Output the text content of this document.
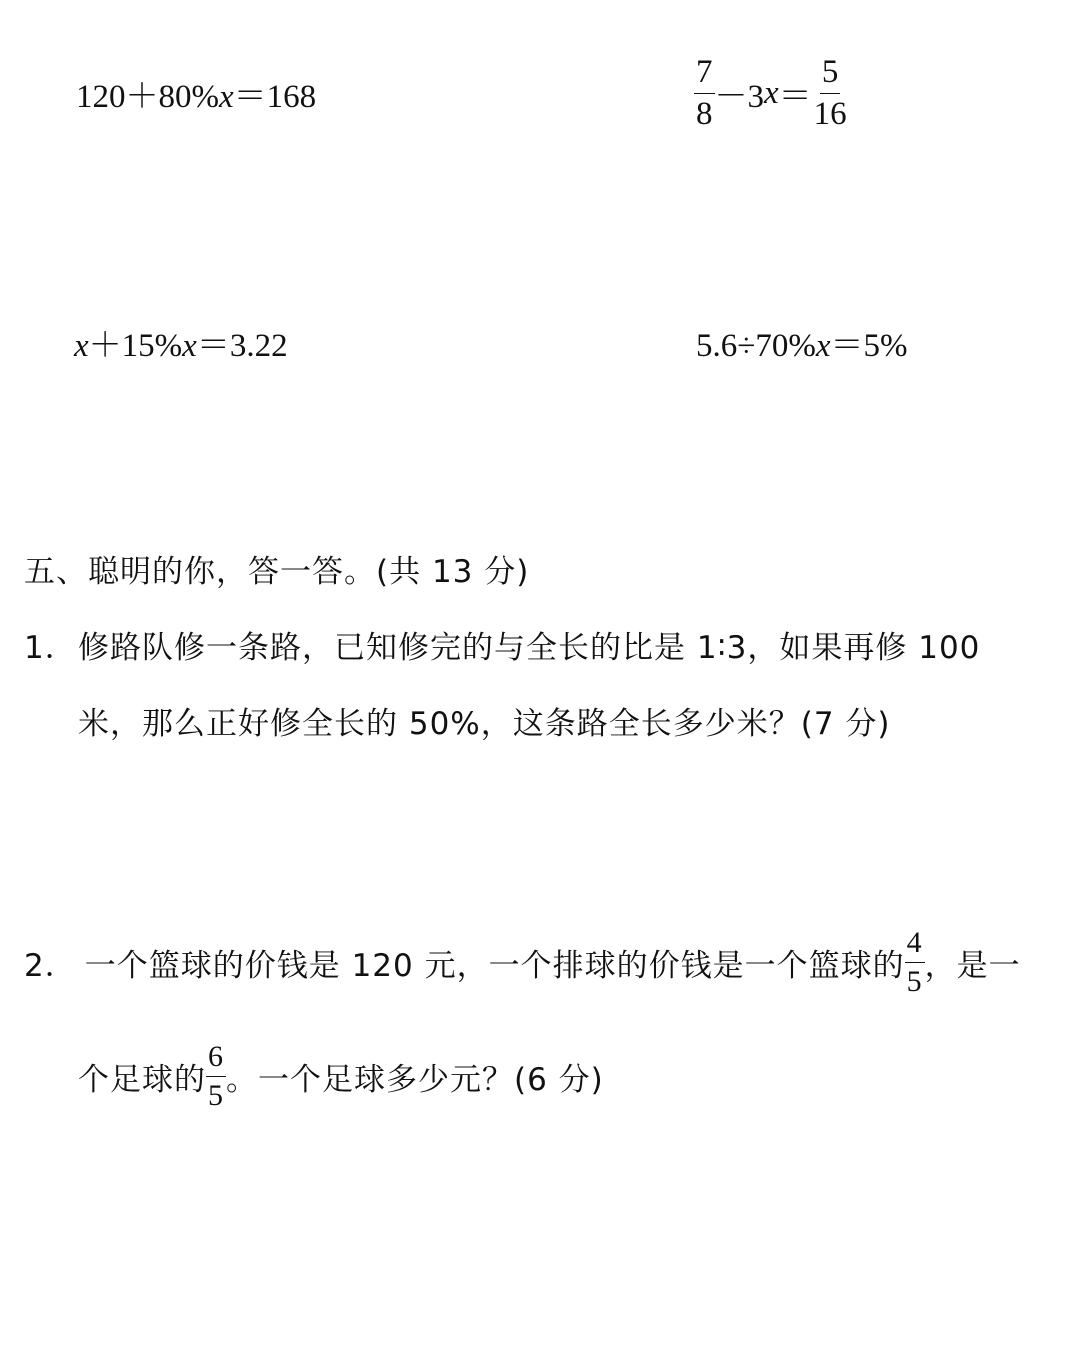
120＋80%x＝168	$\frac{7}{8} -3$ $x = \frac{5}{16}$
x＋15%x＝3.22	5.6÷70%x＝5%
五、聪明的你，答一答。(共 13 分)
1． 修路队修一条路，已知修完的与全长的比是 1∶3，如果再修 100
米，那么正好修全长的 50%，这条路全长多少米？(7 分)
2． 一个篮球的价钱是 120 元，一个排球的价钱是一个篮球的 $\frac{4}{5}$ ，是一
个足球的 $\frac{6}{5}$ 。一个足球多少元？(6 分)
